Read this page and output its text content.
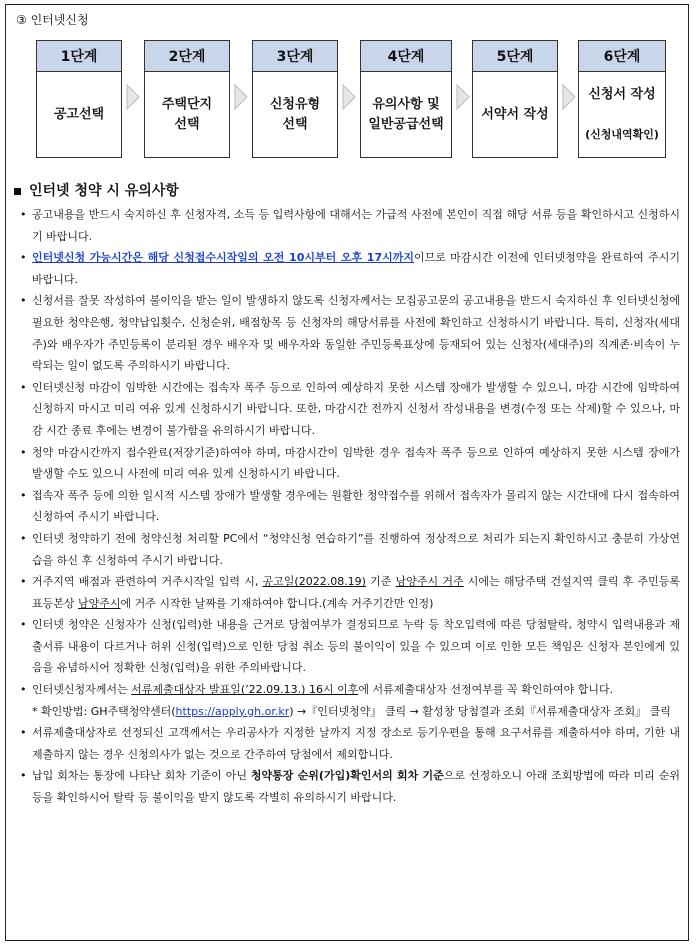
③ 인터넷신청
1단계
공고선택
2단계
주택단지
선택
3단계
신청유형
선택
4단계
유의사항 및
일반공급선택
5단계
서약서 작성
6단계

신청서 작성

(신청내역확인)

인터넷 청약 시 유의사항
• 공고내용을 반드시 숙지하신 후 신청자격, 소득 등 입력사항에 대해서는 가급적 사전에 본인이 직접 해당 서류 등을 확인하시고 신청하시기 바랍니다.
• 인터넷신청 가능시간은 해당 신청접수시작일의 오전 10시부터 오후 17시까지이므로 마감시간 이전에 인터넷청약을 완료하여 주시기 바랍니다.
• 신청서를 잘못 작성하여 불이익을 받는 일이 발생하지 않도록 신청자께서는 모집공고문의 공고내용을 반드시 숙지하신 후 인터넷신청에 필요한 청약은행, 청약납입횟수, 신청순위, 배점항목 등 신청자의 해당서류를 사전에 확인하고 신청하시기 바랍니다. 특히, 신청자(세대주)와 배우자가 주민등록이 분리된 경우 배우자 및 배우자와 동일한 주민등록표상에 등재되어 있는 신청자(세대주)의 직계존·비속이 누락되는 일이 없도록 주의하시기 바랍니다.
• 인터넷신청 마감이 임박한 시간에는 접속자 폭주 등으로 인하여 예상하지 못한 시스템 장애가 발생할 수 있으니, 마감 시간에 임박하여 신청하지 마시고 미리 여유 있게 신청하시기 바랍니다. 또한, 마감시간 전까지 신청서 작성내용을 변경(수정 또는 삭제)할 수 있으나, 마감 시간 종료 후에는 변경이 불가함을 유의하시기 바랍니다.
• 청약 마감시간까지 접수완료(저장기준)하여야 하며, 마감시간이 임박한 경우 접속자 폭주 등으로 인하여 예상하지 못한 시스템 장애가 발생할 수도 있으니 사전에 미리 여유 있게 신청하시기 바랍니다.
• 접속자 폭주 등에 의한 일시적 시스템 장애가 발생할 경우에는 원활한 청약접수를 위해서 접속자가 몰리지 않는 시간대에 다시 접속하여 신청하여 주시기 바랍니다.
• 인터넷 청약하기 전에 청약신청 처리할 PC에서 “청약신청 연습하기”를 진행하여 정상적으로 처리가 되는지 확인하시고 충분히 가상연습을 하신 후 신청하여 주시기 바랍니다.
• 거주지역 배점과 관련하여 거주시작일 입력 시, 공고일(2022.08.19) 기준 남양주시 거주 시에는 해당주택 건설지역 클릭 후 주민등록표등본상 남양주시에 거주 시작한 날짜를 기재하여야 합니다.(계속 거주기간만 인정)
• 인터넷 청약은 신청자가 신청(입력)한 내용을 근거로 당첨여부가 결정되므로 누락 등 착오입력에 따른 당첨탈락, 청약시 입력내용과 제출서류 내용이 다르거나 허위 신청(입력)으로 인한 당첨 취소 등의 불이익이 있을 수 있으며 이로 인한 모든 책임은 신청자 본인에게 있음을 유념하시어 정확한 신청(입력)을 위한 주의바랍니다.
• 인터넷신청자께서는 서류제출대상자 발표일(’22.09.13.) 16시 이후에 서류제출대상자 선정여부를 꼭 확인하여야 합니다.
* 확인방법: GH주택청약센터(https://apply.gh.or.kr) →『인터넷청약』 클릭 → 활성창 당첨결과 조회『서류제출대상자 조회』 클릭
• 서류제출대상자로 선정되신 고객께서는 우리공사가 지정한 날까지 지정 장소로 등기우편을 통해 요구서류를 제출하셔야 하며, 기한 내 제출하지 않는 경우 신청의사가 없는 것으로 간주하여 당첨에서 제외합니다.
• 납입 회차는 통장에 나타난 회차 기준이 아닌 청약통장 순위(가입)확인서의 회차 기준으로 선정하오니 아래 조회방법에 따라 미리 순위 등을 확인하시어 탈락 등 불이익을 받지 않도록 각별히 유의하시기 바랍니다.
